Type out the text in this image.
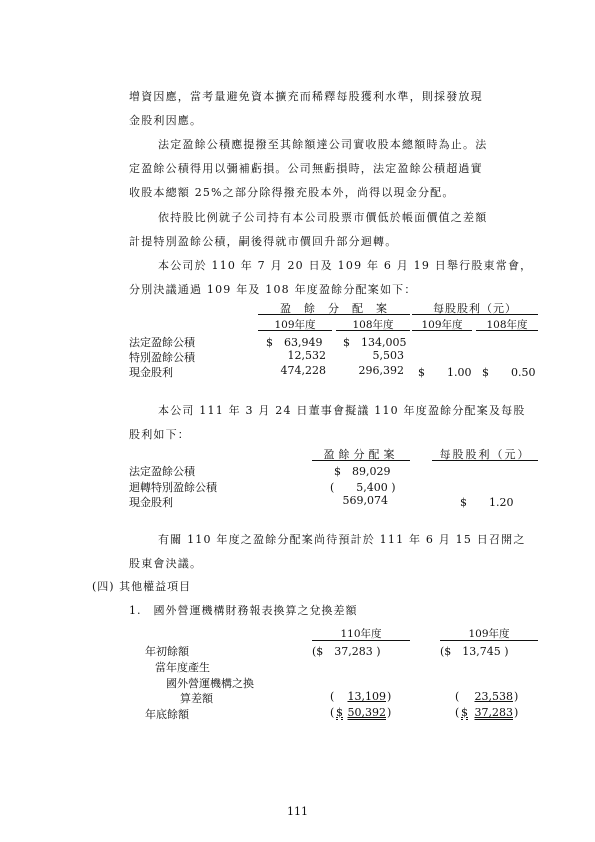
增資因應，當考量避免資本擴充而稀釋每股獲利水準，則採發放現
金股利因應。
法定盈餘公積應提撥至其餘額達公司實收股本總額時為止。法
定盈餘公積得用以彌補虧損。公司無虧損時，法定盈餘公積超過實
收股本總額 25%之部分除得撥充股本外，尚得以現金分配。
依持股比例就子公司持有本公司股票市價低於帳面價值之差額
計提特別盈餘公積，嗣後得就市價回升部分迴轉。
本公司於 110 年 7 月 20 日及 109 年 6 月 19 日舉行股東常會，
分別決議通過 109 年及 108 年度盈餘分配案如下：
盈　餘　分　配　案	每股股利（元）
109年度	108年度	109年度	108年度
法定盈餘公積	$　63,949 $　134,005
特別盈餘公積	12,532	5,503
現金股利	474,228	296,392 $　　1.00 $　　0.50
本公司 111 年 3 月 24 日董事會擬議 110 年度盈餘分配案及每股
股利如下：
盈餘分配案	每股股利（元）
法定盈餘公積	$　89,029
迴轉特別盈餘公積	(　　5,400 )
現金股利	569,074	$　　1.20
有關 110 年度之盈餘分配案尚待預計於 111 年 6 月 15 日召開之
股東會決議。
(四) 其他權益項目
1.　國外營運機構財務報表換算之兌換差額
110年度	109年度
年初餘額	($　37,283 )	($　13,745 )
當年度產生
國外營運機構之換
算差額	(	13,109 )	(	23,538 )
年底餘額	( $ 50,392 )	( $ 37,283 )
111
